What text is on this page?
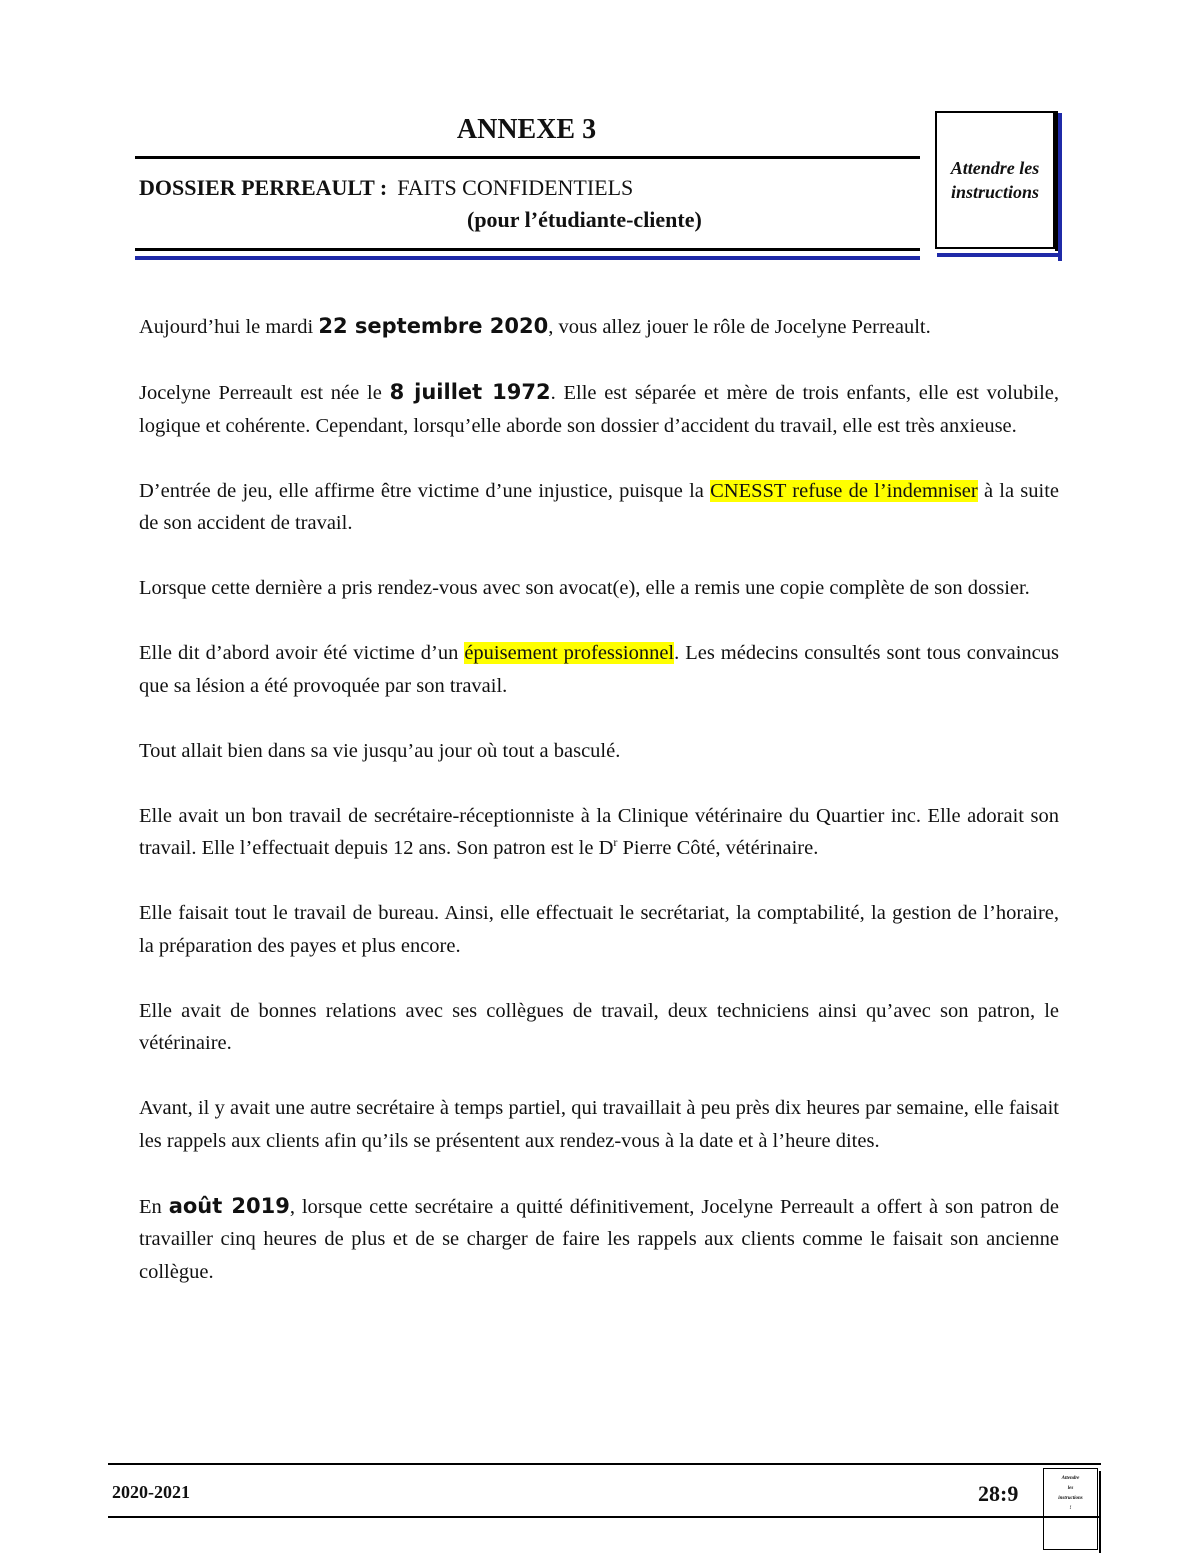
ANNEXE 3
DOSSIER PERREAULT : FAITS CONFIDENTIELS
(pour l’étudiante-cliente)
Attendre les
instructions

Aujourd’hui le mardi 22 septembre 2020, vous allez jouer le rôle de Jocelyne Perreault.

Jocelyne Perreault est née le 8 juillet 1972. Elle est séparée et mère de trois enfants, elle est volubile, logique et cohérente. Cependant, lorsqu’elle aborde son dossier d’accident du travail, elle est très anxieuse.

D’entrée de jeu, elle affirme être victime d’une injustice, puisque la CNESST refuse de l’indemniser à la suite de son accident de travail.

Lorsque cette dernière a pris rendez-vous avec son avocat(e), elle a remis une copie complète de son dossier.

Elle dit d’abord avoir été victime d’un épuisement professionnel. Les médecins consultés sont tous convaincus que sa lésion a été provoquée par son travail.

Tout allait bien dans sa vie jusqu’au jour où tout a basculé.

Elle avait un bon travail de secrétaire-réceptionniste à la Clinique vétérinaire du Quartier inc. Elle adorait son travail. Elle l’effectuait depuis 12 ans. Son patron est le $D^r$ Pierre Côté, vétérinaire.

Elle faisait tout le travail de bureau. Ainsi, elle effectuait le secrétariat, la comptabilité, la gestion de l’horaire, la préparation des payes et plus encore.

Elle avait de bonnes relations avec ses collègues de travail, deux techniciens ainsi qu’avec son patron, le vétérinaire.

Avant, il y avait une autre secrétaire à temps partiel, qui travaillait à peu près dix heures par semaine, elle faisait les rappels aux clients afin qu’ils se présentent aux rendez-vous à la date et à l’heure dites.

En août 2019, lorsque cette secrétaire a quitté définitivement, Jocelyne Perreault a offert à son patron de travailler cinq heures de plus et de se charger de faire les rappels aux clients comme le faisait son ancienne collègue.

2020-2021	28:9
Attendre
les
instructions
!
